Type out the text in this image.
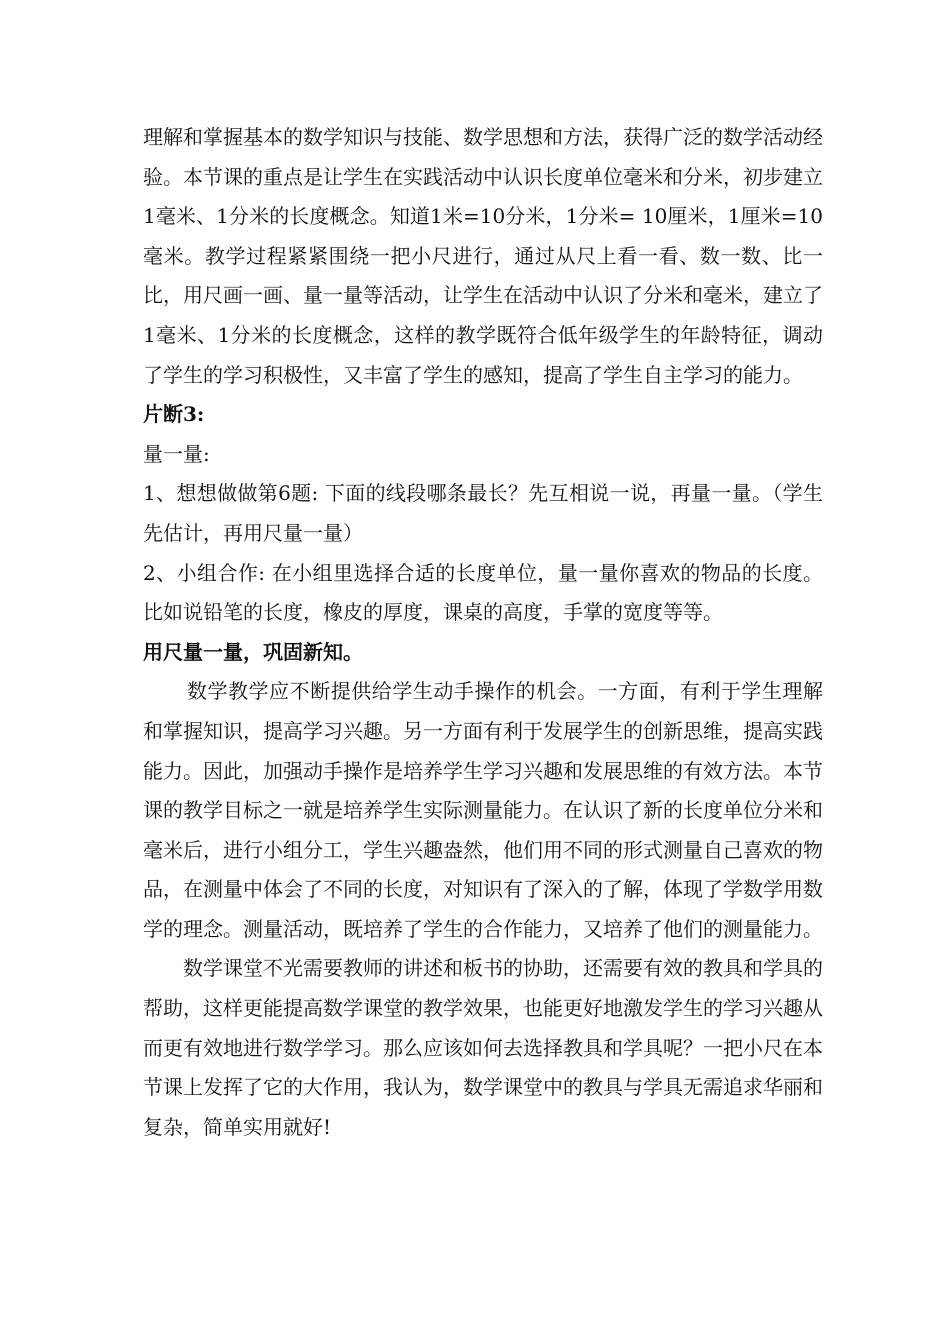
理解和掌握基本的数学知识与技能、数学思想和方法，获得广泛的数学活动经验。本节课的重点是让学生在实践活动中认识长度单位毫米和分米，初步建立1毫米、1分米的长度概念。知道1米=10分米，1分米= 10厘米，1厘米=10毫米。教学过程紧紧围绕一把小尺进行，通过从尺上看一看、数一数、比一比，用尺画一画、量一量等活动，让学生在活动中认识了分米和毫米，建立了1毫米、1分米的长度概念，这样的教学既符合低年级学生的年龄特征，调动了学生的学习积极性，又丰富了学生的感知，提高了学生自主学习的能力。

片断3:

量一量:

1、想想做做第6题: 下面的线段哪条最长？先互相说一说，再量一量。（学生先估计，再用尺量一量）

2、小组合作: 在小组里选择合适的长度单位，量一量你喜欢的物品的长度。比如说铅笔的长度，橡皮的厚度，课桌的高度，手掌的宽度等等。

用尺量一量，巩固新知。

数学教学应不断提供给学生动手操作的机会。一方面，有利于学生理解和掌握知识，提高学习兴趣。另一方面有利于发展学生的创新思维，提高实践能力。因此，加强动手操作是培养学生学习兴趣和发展思维的有效方法。本节课的教学目标之一就是培养学生实际测量能力。在认识了新的长度单位分米和毫米后，进行小组分工，学生兴趣盎然，他们用不同的形式测量自己喜欢的物品，在测量中体会了不同的长度，对知识有了深入的了解，体现了学数学用数学的理念。测量活动，既培养了学生的合作能力，又培养了他们的测量能力。

数学课堂不光需要教师的讲述和板书的协助，还需要有效的教具和学具的帮助，这样更能提高数学课堂的教学效果，也能更好地激发学生的学习兴趣从而更有效地进行数学学习。那么应该如何去选择教具和学具呢？一把小尺在本节课上发挥了它的大作用，我认为，数学课堂中的教具与学具无需追求华丽和复杂，简单实用就好!
